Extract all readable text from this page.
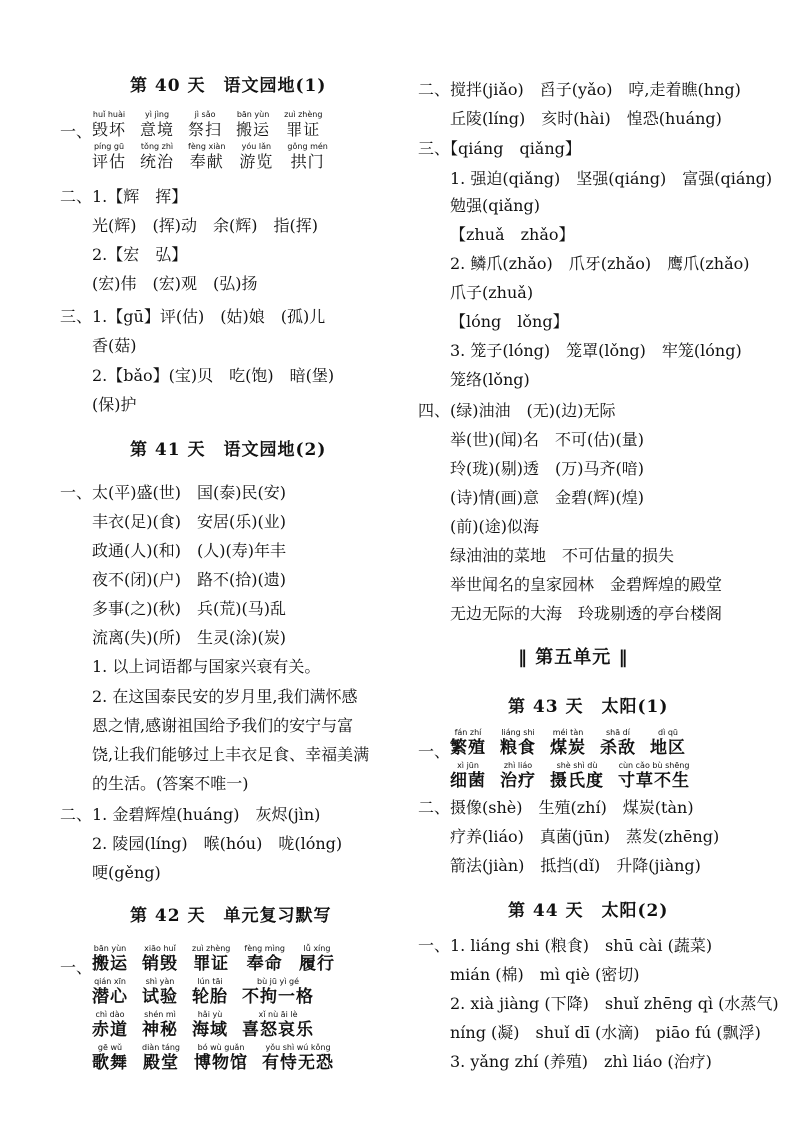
第 40 天　语文园地(1)
一、
huǐ huài
毁坏
yì jìng
意境
jì sǎo
祭扫
bān yùn
搬运
zuì zhèng
罪证
píng gū
评估
tǒng zhì
统治
fèng xiàn
奉献
yóu lǎn
游览
gǒng mén
拱门
二、1.【辉　挥】
光(辉)　(挥)动　余(辉)　指(挥)
2.【宏　弘】
(宏)伟　(宏)观　(弘)扬
三、1.【gū】评(估)　(姑)娘　(孤)儿
香(菇)
2.【bǎo】(宝)贝　吃(饱)　暗(堡)
(保)护
第 41 天　语文园地(2)
一、太(平)盛(世)　国(泰)民(安)
丰衣(足)(食)　安居(乐)(业)
政通(人)(和)　(人)(寿)年丰
夜不(闭)(户)　路不(拾)(遗)
多事(之)(秋)　兵(荒)(马)乱
流离(失)(所)　生灵(涂)(炭)
1. 以上词语都与国家兴衰有关。
2. 在这国泰民安的岁月里,我们满怀感
恩之情,感谢祖国给予我们的安宁与富
饶,让我们能够过上丰衣足食、幸福美满
的生活。(答案不唯一)
二、1. 金碧辉煌(huáng)　灰烬(jìn)
2. 陵园(líng)　喉(hóu)　咙(lóng)
哽(gěng)
第 42 天　单元复习默写
一、
bān yùn
搬运
xiāo huǐ
销毁
zuì zhèng
罪证
fèng mìng
奉命
lǚ xíng
履行
qián xīn
潜心
shì yàn
试验
lún tāi
轮胎
bù jū yì gé
不拘一格
chì dào
赤道
shén mì
神秘
hǎi yù
海域
xǐ nù āi lè
喜怒哀乐
gē wǔ
歌舞
diàn táng
殿堂
bó wù guǎn
博物馆
yǒu shì wú kǒng
有恃无恐
二、搅拌(jiǎo)　舀子(yǎo)　哼,走着瞧(hng)
丘陵(líng)　亥时(hài)　惶恐(huáng)
三、【qiáng　qiǎng】
1. 强迫(qiǎng)　坚强(qiáng)　富强(qiáng)
勉强(qiǎng)
【zhuǎ　zhǎo】
2. 鳞爪(zhǎo)　爪牙(zhǎo)　鹰爪(zhǎo)
爪子(zhuǎ)
【lóng　lǒng】
3. 笼子(lóng)　笼罩(lǒng)　牢笼(lóng)
笼络(lǒng)
四、(绿)油油　(无)(边)无际
举(世)(闻)名　不可(估)(量)
玲(珑)(剔)透　(万)马齐(喑)
(诗)情(画)意　金碧(辉)(煌)
(前)(途)似海
绿油油的菜地　不可估量的损失
举世闻名的皇家园林　金碧辉煌的殿堂
无边无际的大海　玲珑剔透的亭台楼阁
‖ 第五单元 ‖
第 43 天　太阳(1)
一、
fán zhí
繁殖
liáng shi
粮食
méi tàn
煤炭
shā dí
杀敌
dì qū
地区
xì jūn
细菌
zhì liáo
治疗
shè shì dù
摄氏度
cùn cǎo bù shēng
寸草不生
二、摄像(shè)　生殖(zhí)　煤炭(tàn)
疗养(liáo)　真菌(jūn)　蒸发(zhēng)
箭法(jiàn)　抵挡(dǐ)　升降(jiàng)
第 44 天　太阳(2)
一、1. liáng shi (粮食)　shū cài (蔬菜)
mián (棉)　mì qiè (密切)
2. xià jiàng (下降)　shuǐ zhēng qì (水蒸气)
níng (凝)　shuǐ dī (水滴)　piāo fú (飘浮)
3. yǎng zhí (养殖)　zhì liáo (治疗)
